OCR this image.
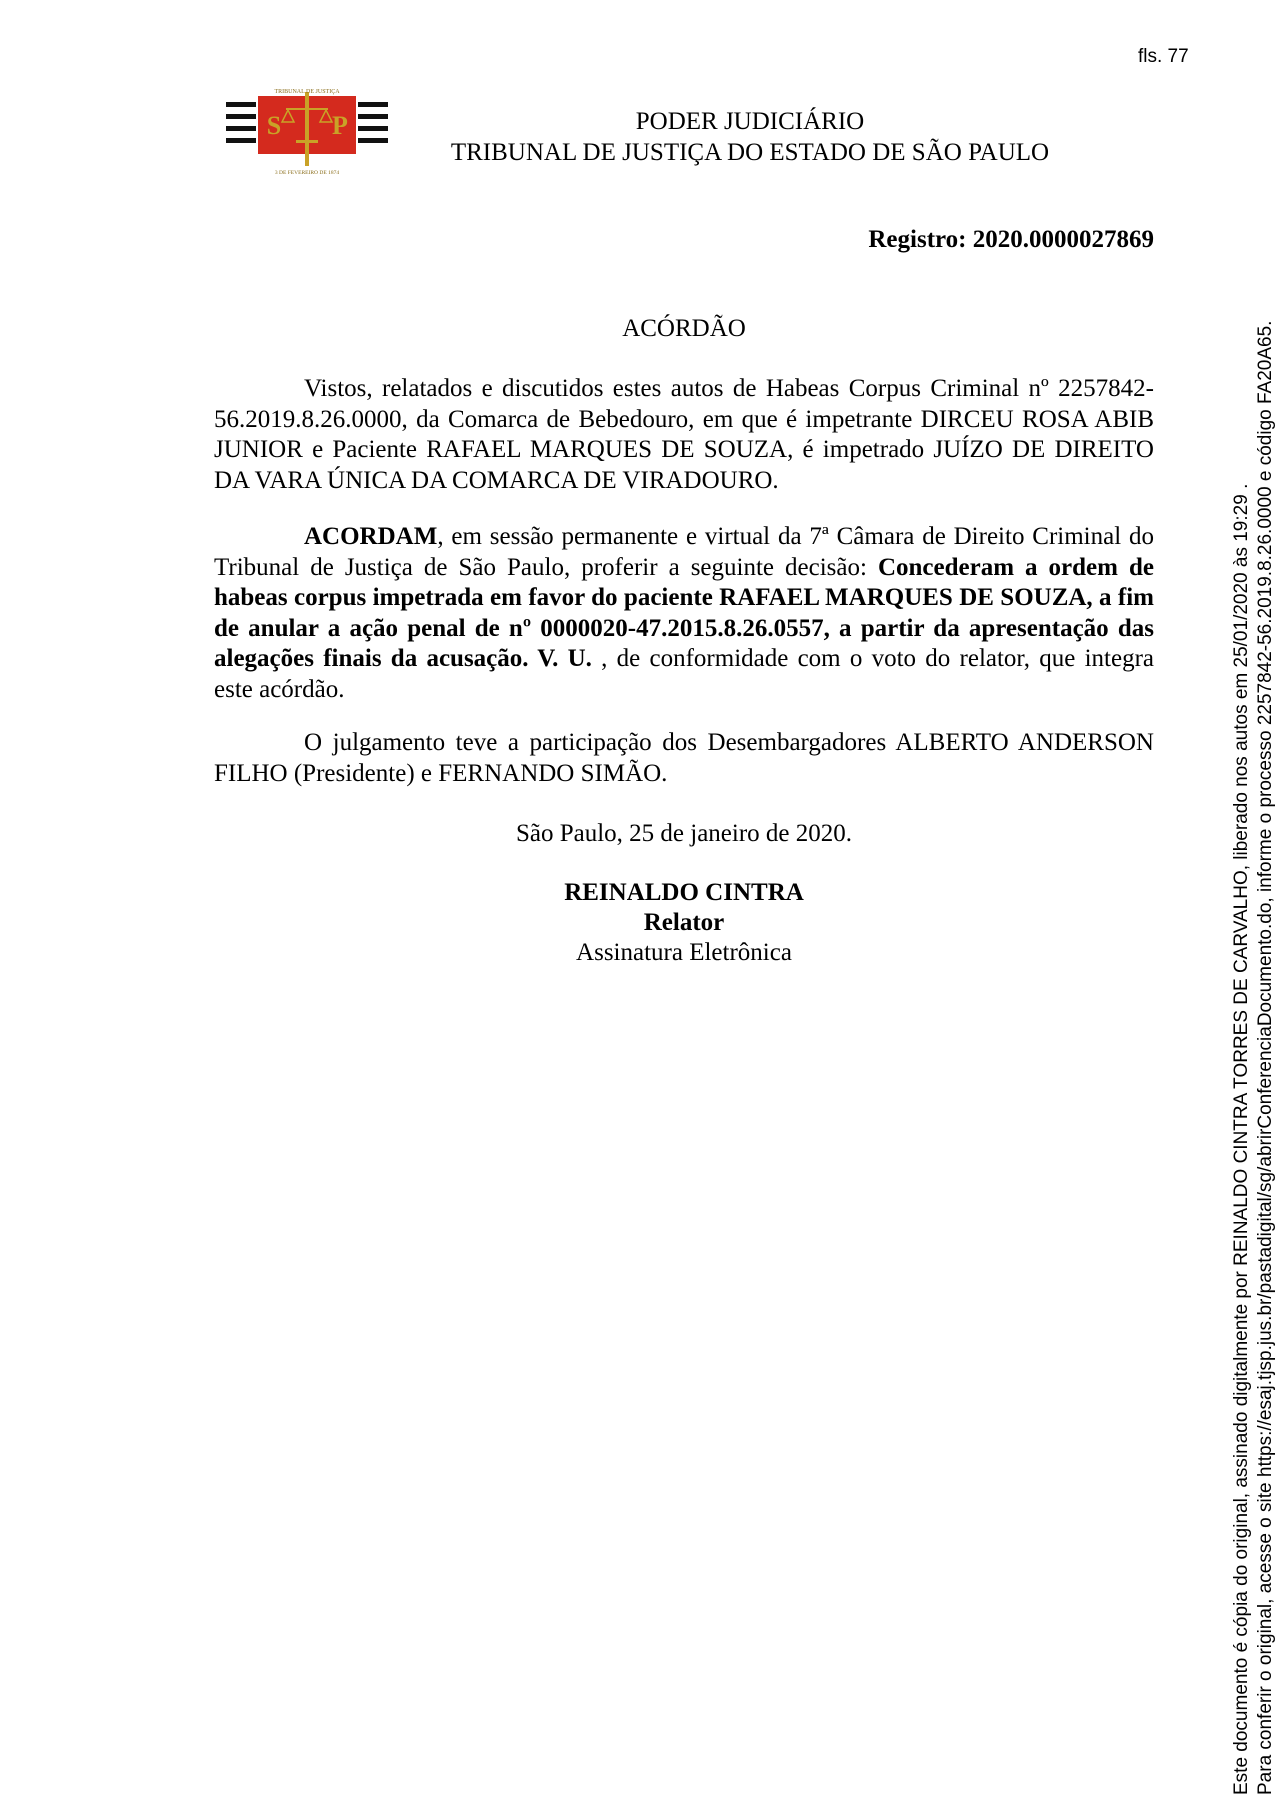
fls. 77
S P
TRIBUNAL DE JUSTIÇA
3 DE FEVEREIRO DE 1874
PODER JUDICIÁRIO
TRIBUNAL DE JUSTIÇA DO ESTADO DE SÃO PAULO
Registro: 2020.0000027869
ACÓRDÃO
Vistos, relatados e discutidos estes autos de Habeas Corpus Criminal nº 2257842-56.2019.8.26.0000, da Comarca de Bebedouro, em que é impetrante DIRCEU ROSA ABIB JUNIOR e Paciente RAFAEL MARQUES DE SOUZA, é impetrado JUÍZO DE DIREITO DA VARA ÚNICA DA COMARCA DE VIRADOURO.
ACORDAM, em sessão permanente e virtual da 7ª Câmara de Direito Criminal do Tribunal de Justiça de São Paulo, proferir a seguinte decisão: Concederam a ordem de habeas corpus impetrada em favor do paciente RAFAEL MARQUES DE SOUZA, a fim de anular a ação penal de nº 0000020-47.2015.8.26.0557, a partir da apresentação das alegações finais da acusação. V. U. , de conformidade com o voto do relator, que integra este acórdão.
O julgamento teve a participação dos Desembargadores ALBERTO ANDERSON FILHO (Presidente) e FERNANDO SIMÃO.
São Paulo, 25 de janeiro de 2020.
REINALDO CINTRA
Relator
Assinatura Eletrônica	Este documento é cópia do original, assinado digitalmente por REINALDO CINTRA TORRES DE CARVALHO, liberado nos autos em 25/01/2020 às 19:29 . Para conferir o original, acesse o site https://esaj.tjsp.jus.br/pastadigital/sg/abrirConferenciaDocumento.do, informe o processo 2257842-56.2019.8.26.0000 e código FA20A65.
